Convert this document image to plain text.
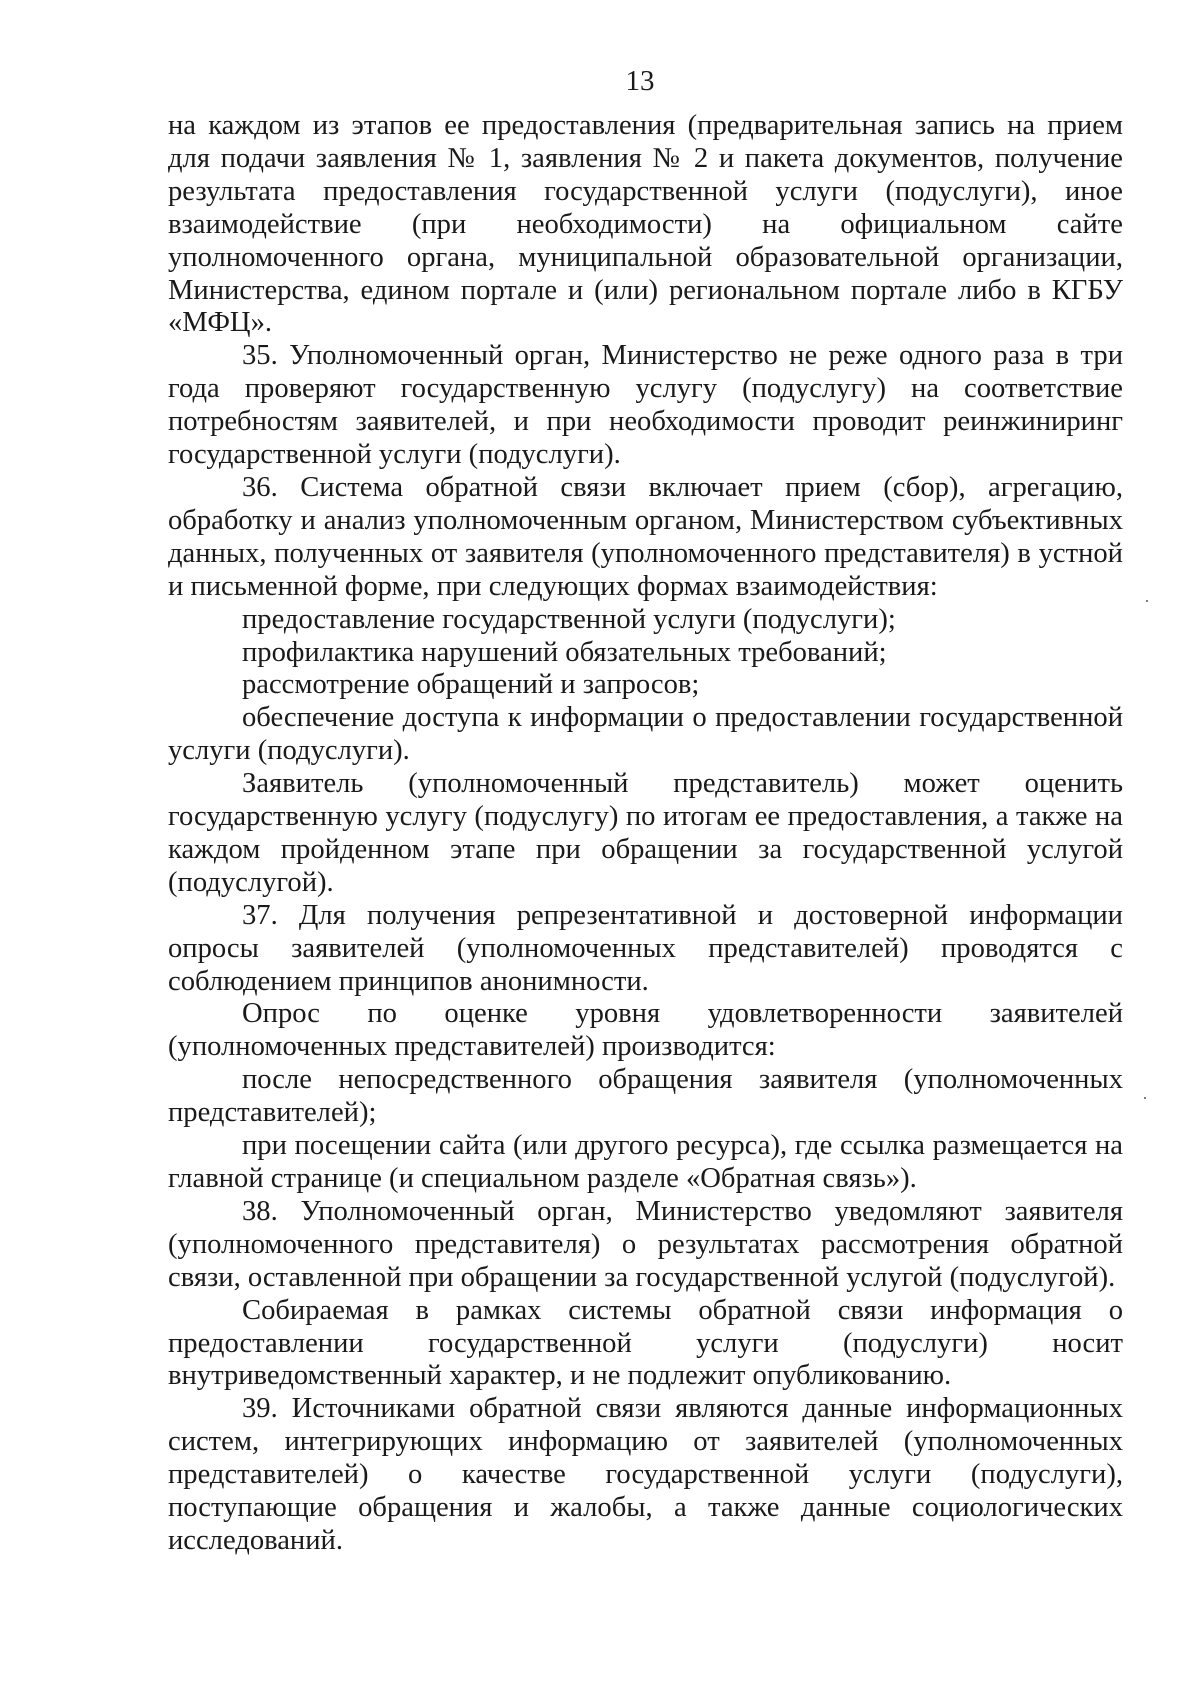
13

на каждом из этапов ее предоставления (предварительная запись на прием для подачи заявления № 1, заявления № 2 и пакета документов, получение результата предоставления государственной услуги (подуслуги), иное взаимодействие (при необходимости) на официальном сайте уполномоченного органа, муниципальной образовательной организации, Министерства, едином портале и (или) региональном портале либо в КГБУ «МФЦ».

35. Уполномоченный орган, Министерство не реже одного раза в три года проверяют государственную услугу (подуслугу) на соответствие потребностям заявителей, и при необходимости проводит реинжиниринг государственной услуги (подуслуги).

36. Система обратной связи включает прием (сбор), агрегацию, обработку и анализ уполномоченным органом, Министерством субъективных данных, полученных от заявителя (уполномоченного представителя) в устной и письменной форме, при следующих формах взаимодействия:

предоставление государственной услуги (подуслуги);

профилактика нарушений обязательных требований;

рассмотрение обращений и запросов;

обеспечение доступа к информации о предоставлении государственной услуги (подуслуги).

Заявитель (уполномоченный представитель) может оценить государственную услугу (подуслугу) по итогам ее предоставления, а также на каждом пройденном этапе при обращении за государственной услугой (подуслугой).

37. Для получения репрезентативной и достоверной информации опросы заявителей (уполномоченных представителей) проводятся с соблюдением принципов анонимности.

Опрос по оценке уровня удовлетворенности заявителей (уполномоченных представителей) производится:

после непосредственного обращения заявителя (уполномоченных представителей);

при посещении сайта (или другого ресурса), где ссылка размещается на главной странице (и специальном разделе «Обратная связь»).

38. Уполномоченный орган, Министерство уведомляют заявителя (уполномоченного представителя) о результатах рассмотрения обратной связи, оставленной при обращении за государственной услугой (подуслугой).

Собираемая в рамках системы обратной связи информация о предоставлении государственной услуги (подуслуги) носит внутриведомственный характер, и не подлежит опубликованию.

39. Источниками обратной связи являются данные информационных систем, интегрирующих информацию от заявителей (уполномоченных представителей) о качестве государственной услуги (подуслуги), поступающие обращения и жалобы, а также данные социологических исследований.
